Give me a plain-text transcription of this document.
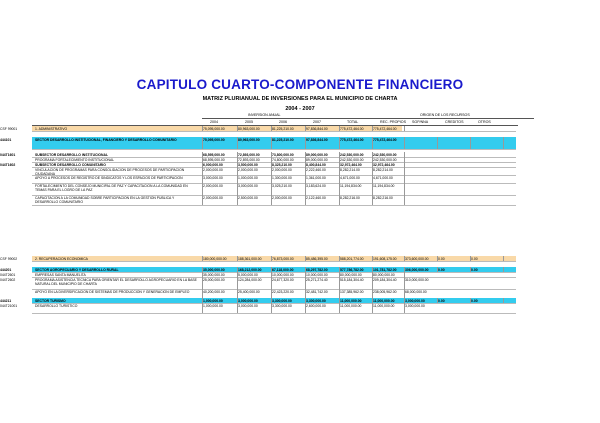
CAPITULO CUARTO-COMPONENTE FINANCIERO
MATRIZ PLURIANUAL DE INVERSIONES PARA EL MUNICIPIO DE CHARTA
2004 - 2007
INVERSION ANUAL	ORIGEN DE LOS RECURSOS
2004	2005	2006	2007	TOTAL	REC. PROPIOS SGP/NNA	CREDITOS	OTROS
CSF 99001	1. ADMINISTRATIVO	75,095,000.00	80,963,000.00	81,225,210.00	97,836,844.00	775,472,464.00	775,472,464.00
444101	SECTOR DESARROLLO INSTITUCIONAL, FINANCIERO Y DESARROLLO COMUNITARIO	75,095,000.00	80,963,000.00	81,225,210.00	97,836,844.00	775,472,464.00	775,472,464.00
044T1601	SUBSECTOR DESARROLLO INSTITUCIONAL	68,595,000.00	72,893,000.00	73,800,000.00	89,000,000.00	242,530,000.00	242,530,000.00
PROGRAMA FORTALECIMIENTO INSTITUCIONAL	68,595,000.00	72,893,000.00	74,800,000.00	89,000,000.00	242,530,000.00	242,530,000.00
044T1602	SUBSECTOR DESARROLLO COMUNITARIO	6,000,000.00	3,500,000.00	8,325,210.00	8,400,844.00	32,972,464.00	32,972,464.00
VINCULACION DE PROGRAMAS PARA CONSOLIDACION DE PROCESOS DE PARTICIPACION CIUDADANA
2,000,000.00	2,000,000.00	2,000,000.00	2,222,460.00	8,282,214.00	8,282,214.00
APOYO A PROCESOS DE REGISTRO DE SINDICATOS Y LOS ESPACIOS DE PARTICIPACION	3,000,000.00	1,000,000.00	1,300,000.00	1,361,000.00	4,671,000.00	4,671,000.00
FORTALECIMIENTO DEL CONSEJO MUNICIPAL DE PAZ Y CAPACITACION A LA COMUNIDAD EN TEMAS PARA EL LOGRO DE LA PAZ
2,000,000.00	3,000,000.00	3,025,210.00	3,183,624.00	11,194,834.00	11,194,834.00
CAPACITACION A LA COMUNIDAD SOBRE PARTICIPACION EN LA GESTION PUBLICA Y DESARROLLO COMUNITARIO
2,000,000.00	2,500,000.00	2,000,000.00	2,122,460.00	8,282,216.00	8,282,216.00
CSF 99002	2. RECUPERACION ECONOMICA	180,000,000.00	188,361,000.00	76,873,000.00	85,486,395.00	588,201,774.00	191,608,175.00	373,600,000.00	0.00	0.00
444201	SECTOR AGROPECUARIO Y DESARROLLO RURAL	35,000,000.00	168,212,000.00	67,118,000.00	68,297,782.00	577,786,782.00	101,781,782.00	306,000,000.00	0.00	0.00
044T2601	EMPRESAS SANTA MANUELITA	35,000,000.00	5,000,000.00	10,000,000.00	10,000,000.00	80,000,000.00	80,000,000.00
044T2602	PROGRAMA ASISTENCIA TECNICA PARA ORIENTAR EL DESARROLLO AGROPECUARIO EN LA BASE NATURAL DEL MUNICIPIO DE CHARTA
25,000,000.00	124,284,000.00	24,677,320.00	25,271,274.40	515,184,304.40	209,184,304.40	310,000,000.00
APOYO EN LA DIVERSIFICACION DE SISTEMAS DE PRODUCCION Y GENERACION DE EMPLEO	40,200,000.00	25,400,000.00	22,423,220.00	32,481,742.00	137,385,962.00	238,005,962.00	68,000,000.00
444211	SECTOR TURISMO	1,000,000.00	3,000,000.00	3,300,000.00	3,300,000.00	11,000,000.00	11,000,000.00	3,000,000.00	0.00	0.00
044T21001	DESARROLLO TURISTICO	1,000,000.00	3,000,000.00	3,300,000.00	2,600,000.00	11,000,000.00	11,000,000.00	3,000,000.00
